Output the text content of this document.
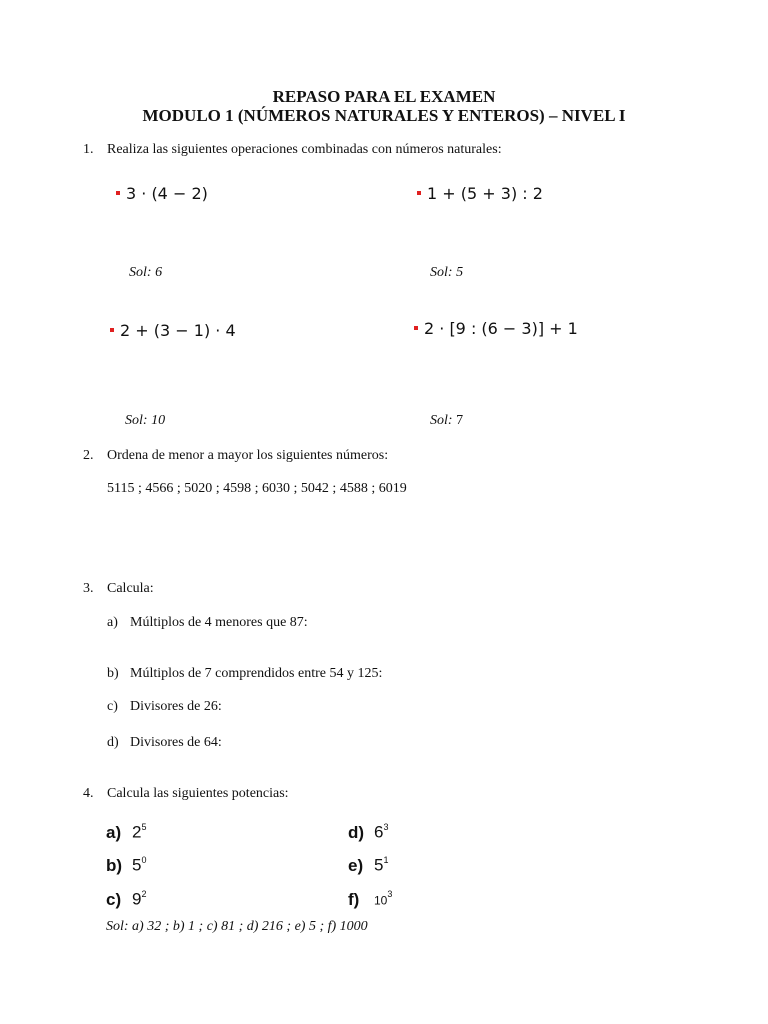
REPASO PARA EL EXAMEN
MODULO 1 (NÚMEROS NATURALES Y ENTEROS) – NIVEL I
1. Realiza las siguientes operaciones combinadas con números naturales:
3 · (4 − 2)	1 + (5 + 3) : 2
Sol: 6	Sol: 5
2 + (3 − 1) · 4	2 · [9 : (6 − 3)] + 1
Sol: 10	Sol: 7
2. Ordena de menor a mayor los siguientes números:
5115 ; 4566 ; 5020 ; 4598 ; 6030 ; 5042 ; 4588 ; 6019
3. Calcula:
a) Múltiplos de 4 menores que 87:
b) Múltiplos de 7 comprendidos entre 54 y 125:
c) Divisores de 26:
d) Divisores de 64:
4. Calcula las siguientes potencias:
a) $2^5$
b) $5^0$
c) $9^2$
d) $6^3$
e) $5^1$
f) $10^3$
Sol: a) 32 ; b) 1 ; c) 81 ; d) 216 ; e) 5 ; f) 1000
